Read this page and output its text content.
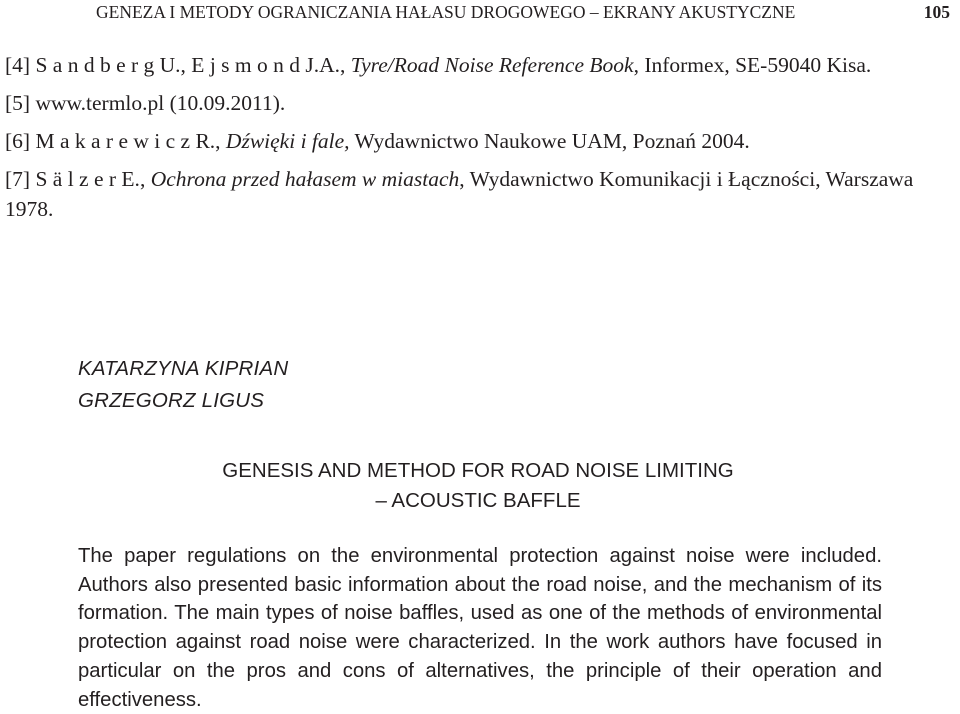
GENEZA I METODY OGRANICZANIA HAŁASU DROGOWEGO – EKRANY AKUSTYCZNE	105
[4] S a n d b e r g U., E j s m o n d J.A., Tyre/Road Noise Reference Book, Informex, SE-59040 Kisa.
[5] www.termlo.pl (10.09.2011).
[6] M a k a r e w i c z R., Dźwięki i fale, Wydawnictwo Naukowe UAM, Poznań 2004.
[7] S ä l z e r E., Ochrona przed hałasem w miastach, Wydawnictwo Komunikacji i Łączności, Warszawa 1978.
KATARZYNA KIPRIAN
GRZEGORZ LIGUS
GENESIS AND METHOD FOR ROAD NOISE LIMITING
– ACOUSTIC BAFFLE
The paper regulations on the environmental protection against noise were included. Authors also presented basic information about the road noise, and the mechanism of its formation. The main types of noise baffles, used as one of the methods of environmental protection against road noise were characterized. In the work authors have focused in particular on the pros and cons of alternatives, the principle of their operation and effectiveness.
